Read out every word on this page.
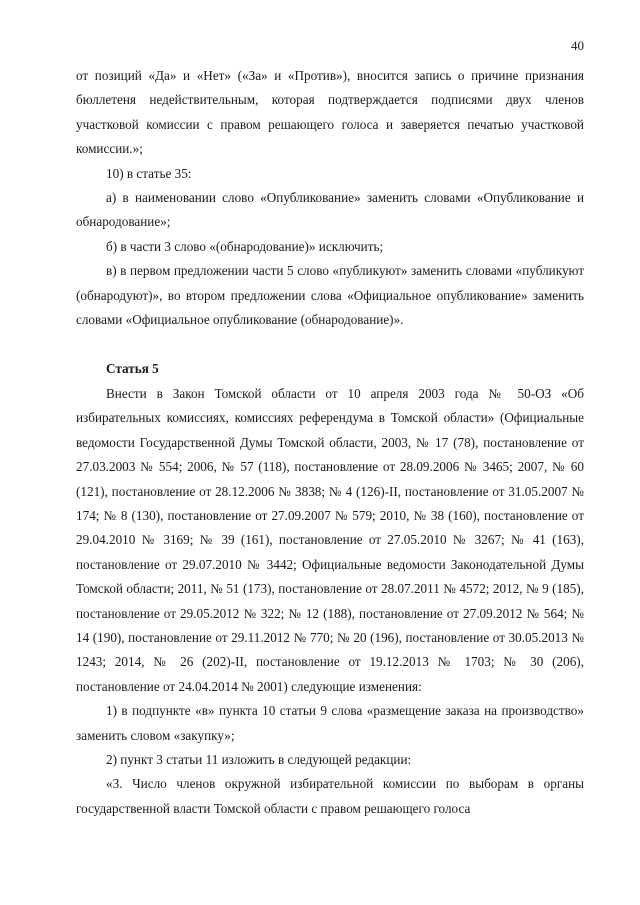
40

от позиций «Да» и «Нет» («За» и «Против»), вносится запись о причине признания бюллетеня недействительным, которая подтверждается подписями двух членов участковой комиссии с правом решающего голоса и заверяется печатью участковой комиссии.»;

10) в статье 35:

а) в наименовании слово «Опубликование» заменить словами «Опубликование и обнародование»;

б) в части 3 слово «(обнародование)» исключить;

в) в первом предложении части 5 слово «публикуют» заменить словами «публикуют (обнародуют)», во втором предложении слова «Официальное опубликование» заменить словами «Официальное опубликование (обнародование)».

Статья 5

Внести в Закон Томской области от 10 апреля 2003 года № 50-ОЗ «Об избирательных комиссиях, комиссиях референдума в Томской области» (Официальные ведомости Государственной Думы Томской области, 2003, № 17 (78), постановление от 27.03.2003 № 554; 2006, № 57 (118), постановление от 28.09.2006 № 3465; 2007, № 60 (121), постановление от 28.12.2006 № 3838; № 4 (126)-II, постановление от 31.05.2007 № 174; № 8 (130), постановление от 27.09.2007 № 579; 2010, № 38 (160), постановление от 29.04.2010 № 3169; № 39 (161), постановление от 27.05.2010 № 3267; № 41 (163), постановление от 29.07.2010 № 3442; Официальные ведомости Законодательной Думы Томской области; 2011, № 51 (173), постановление от 28.07.2011 № 4572; 2012, № 9 (185), постановление от 29.05.2012 № 322; № 12 (188), постановление от 27.09.2012 № 564; № 14 (190), постановление от 29.11.2012 № 770; № 20 (196), постановление от 30.05.2013 № 1243; 2014, № 26 (202)-II, постановление от 19.12.2013 № 1703; № 30 (206), постановление от 24.04.2014 № 2001) следующие изменения:

1) в подпункте «в» пункта 10 статьи 9 слова «размещение заказа на производство» заменить словом «закупку»;

2) пункт 3 статьи 11 изложить в следующей редакции:

«3. Число членов окружной избирательной комиссии по выборам в органы государственной власти Томской области с правом решающего голоса
